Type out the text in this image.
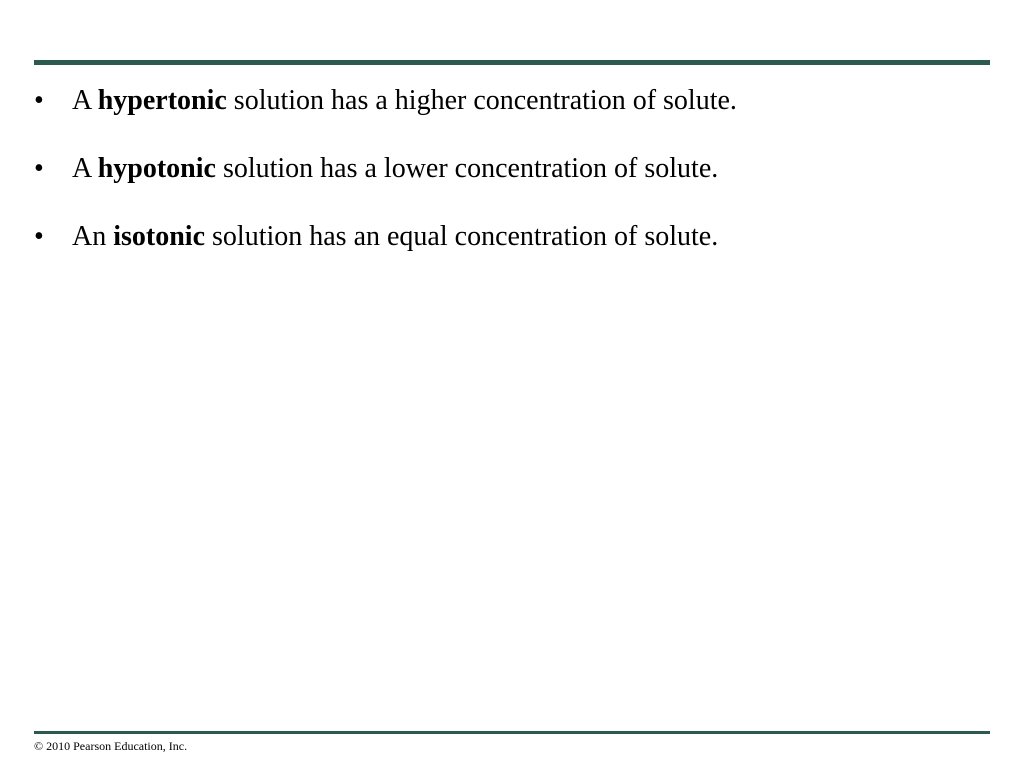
• A hypertonic solution has a higher concentration of solute.
• A hypotonic solution has a lower concentration of solute.
• An isotonic solution has an equal concentration of solute.
© 2010 Pearson Education, Inc.
